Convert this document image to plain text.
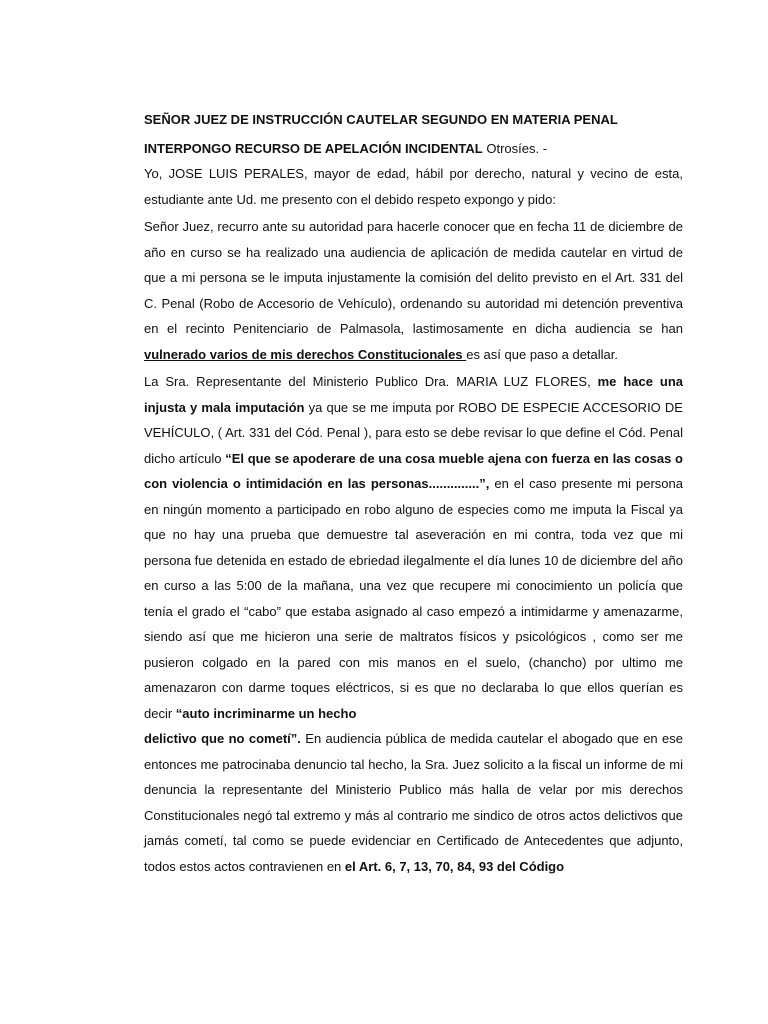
SEÑOR JUEZ DE INSTRUCCIÓN CAUTELAR SEGUNDO EN MATERIA PENAL
INTERPONGO RECURSO DE APELACIÓN INCIDENTAL Otrosíes. -

Yo, JOSE LUIS PERALES, mayor de edad, hábil por derecho, natural y vecino de esta, estudiante ante Ud. me presento con el debido respeto expongo y pido:

Señor Juez, recurro ante su autoridad para hacerle conocer que en fecha 11 de diciembre de año en curso se ha realizado una audiencia de aplicación de medida cautelar en virtud de que a mi persona se le imputa injustamente la comisión del delito previsto en el Art. 331 del C. Penal (Robo de Accesorio de Vehículo), ordenando su autoridad mi detención preventiva en el recinto Penitenciario de Palmasola, lastimosamente en dicha audiencia se han vulnerado varios de mis derechos Constitucionales es así que paso a detallar.

La Sra. Representante del Ministerio Publico Dra. MARIA LUZ FLORES, me hace una injusta y mala imputación ya que se me imputa por ROBO DE ESPECIE ACCESORIO DE VEHÍCULO, ( Art. 331 del Cód. Penal ), para esto se debe revisar lo que define el Cód. Penal dicho artículo “El que se apoderare de una cosa mueble ajena con fuerza en las cosas o con violencia o intimidación en las personas..............”, en el caso presente mi persona en ningún momento a participado en robo alguno de especies como me imputa la Fiscal ya que no hay una prueba que demuestre tal aseveración en mi contra, toda vez que mi persona fue detenida en estado de ebriedad ilegalmente el día lunes 10 de diciembre del año en curso a las 5:00 de la mañana, una vez que recupere mi conocimiento un policía que tenía el grado el “cabo” que estaba asignado al caso empezó a intimidarme y amenazarme, siendo así que me hicieron una serie de maltratos físicos y psicológicos , como ser me pusieron colgado en la pared con mis manos en el suelo, (chancho) por ultimo me amenazaron con darme toques eléctricos, si es que no declaraba lo que ellos querían es decir “auto incriminarme un hecho

delictivo que no cometí”. En audiencia pública de medida cautelar el abogado que en ese entonces me patrocinaba denuncio tal hecho, la Sra. Juez solicito a la fiscal un informe de mi denuncia la representante del Ministerio Publico más halla de velar por mis derechos Constitucionales negó tal extremo y más al contrario me sindico de otros actos delictivos que jamás cometí, tal como se puede evidenciar en Certificado de Antecedentes que adjunto, todos estos actos contravienen en el Art. 6, 7, 13, 70, 84, 93 del Código
